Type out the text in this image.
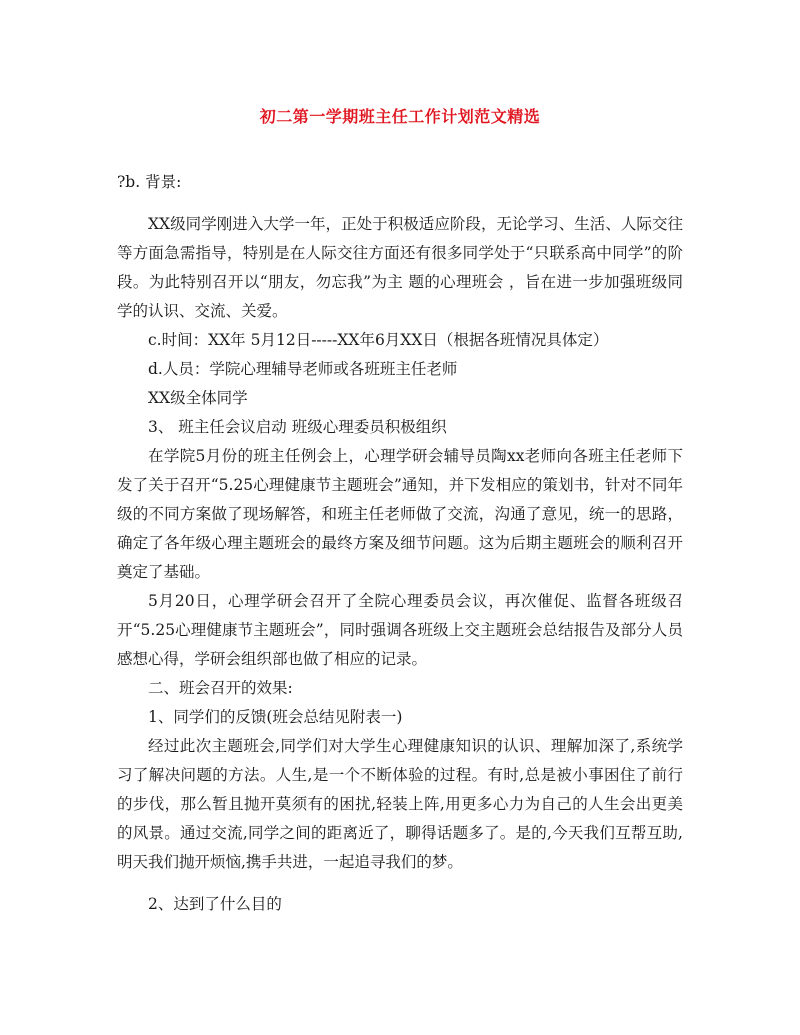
初二第一学期班主任工作计划范文精选

?b. 背景:

XX级同学刚进入大学一年，正处于积极适应阶段，无论学习、生活、人际交往等方面急需指导，特别是在人际交往方面还有很多同学处于“只联系高中同学”的阶段。为此特别召开以“朋友，勿忘我”为主 题的心理班会 ，旨在进一步加强班级同学的认识、交流、关爱。

c.时间：XX年 5月12日-----XX年6月XX日（根据各班情况具体定）

d.人员：学院心理辅导老师或各班班主任老师

XX级全体同学

3、 班主任会议启动 班级心理委员积极组织

在学院5月份的班主任例会上，心理学研会辅导员陶xx老师向各班主任老师下发了关于召开“5.25心理健康节主题班会”通知，并下发相应的策划书，针对不同年级的不同方案做了现场解答，和班主任老师做了交流，沟通了意见，统一的思路，确定了各年级心理主题班会的最终方案及细节问题。这为后期主题班会的顺利召开奠定了基础。

5月20日，心理学研会召开了全院心理委员会议，再次催促、监督各班级召开“5.25心理健康节主题班会”，同时强调各班级上交主题班会总结报告及部分人员感想心得，学研会组织部也做了相应的记录。

二、班会召开的效果:

1、同学们的反馈(班会总结见附表一)

经过此次主题班会,同学们对大学生心理健康知识的认识、理解加深了,系统学习了解决问题的方法。人生,是一个不断体验的过程。有时,总是被小事困住了前行的步伐，那么暂且抛开莫须有的困扰,轻装上阵,用更多心力为自己的人生会出更美的风景。通过交流,同学之间的距离近了，聊得话题多了。是的,今天我们互帮互助,明天我们抛开烦恼,携手共进，一起追寻我们的梦。

2、达到了什么目的
